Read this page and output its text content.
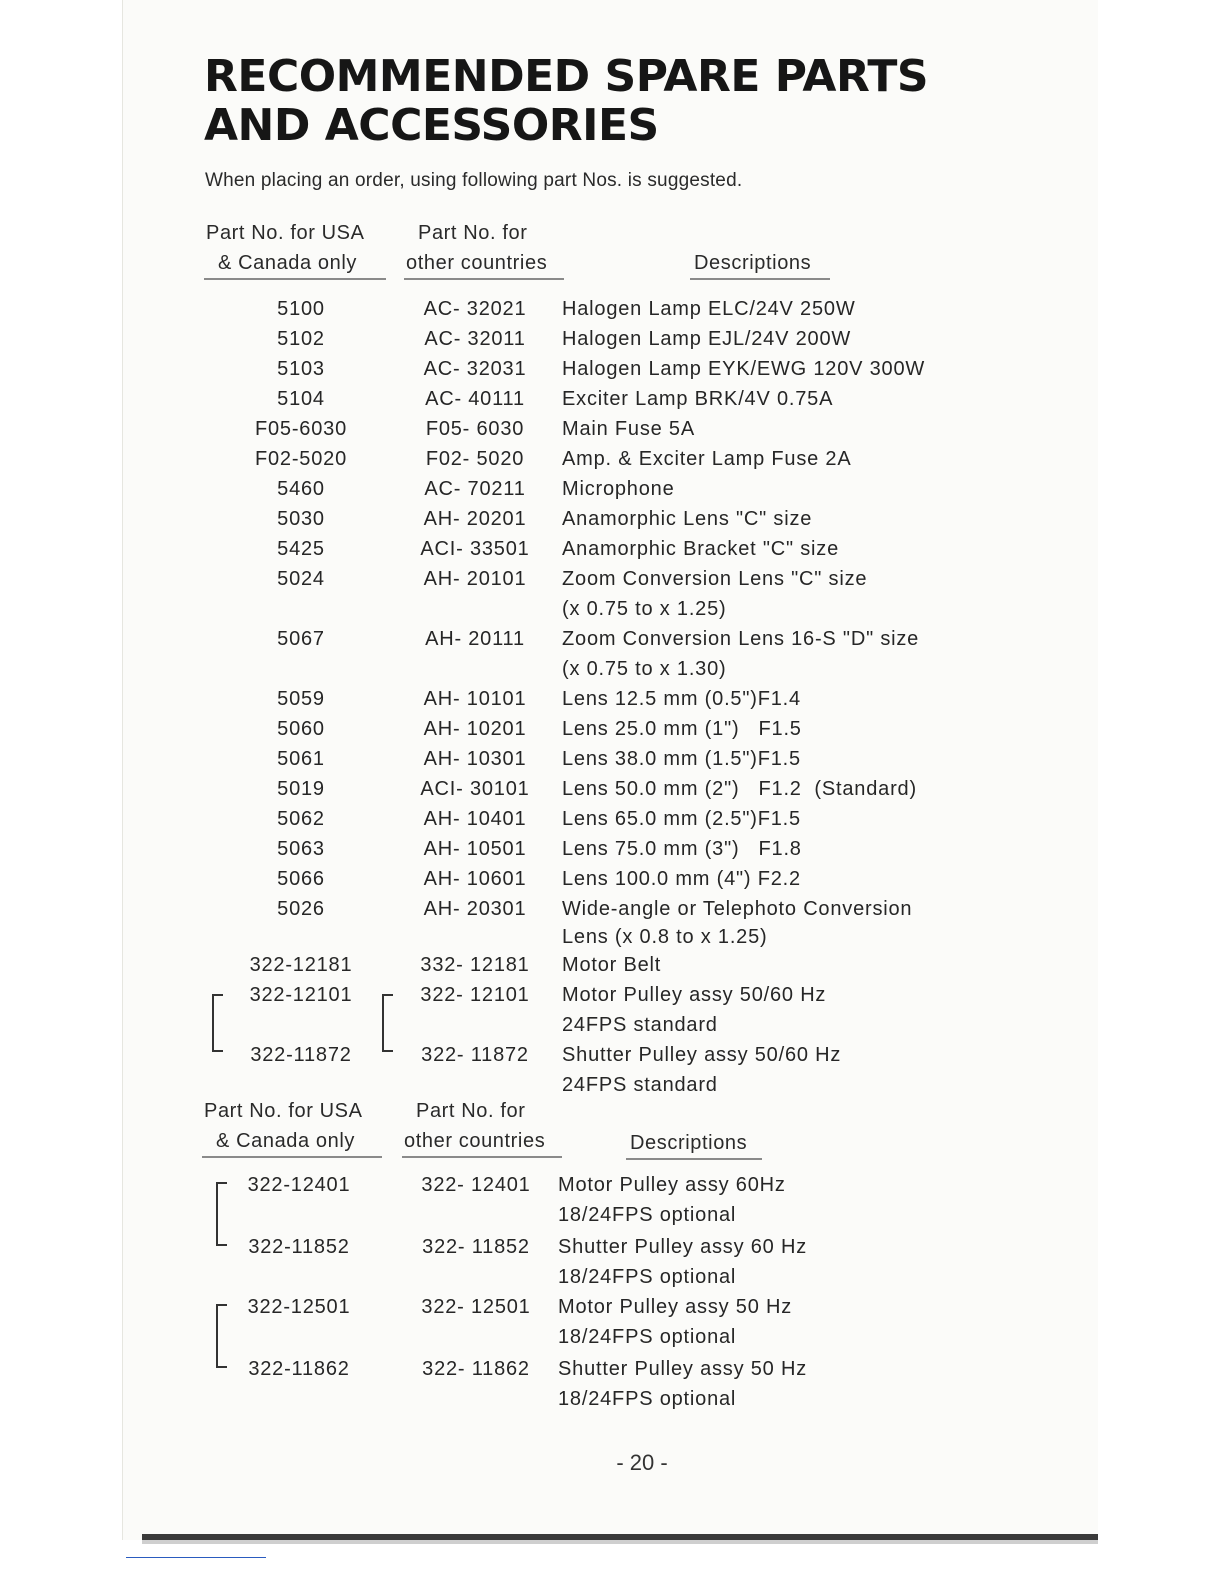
RECOMMENDED SPARE PARTS AND ACCESSORIES
When placing an order, using following part Nos. is suggested.
Part No. for USA
& Canada only
Part No. for
other countries	Descriptions
5100	AC- 32021	Halogen Lamp ELC/24V 250W
5102	AC- 32011	Halogen Lamp EJL/24V 200W
5103	AC- 32031	Halogen Lamp EYK/EWG 120V 300W
5104	AC- 40111	Exciter Lamp BRK/4V 0.75A
F05-6030	F05- 6030	Main Fuse 5A
F02-5020	F02- 5020	Amp. & Exciter Lamp Fuse 2A
5460	AC- 70211	Microphone
5030	AH- 20201	Anamorphic Lens "C" size
5425	ACI- 33501	Anamorphic Bracket "C" size
5024	AH- 20101	Zoom Conversion Lens "C" size
(x 0.75 to x 1.25)
5067	AH- 20111	Zoom Conversion Lens 16-S "D" size
(x 0.75 to x 1.30)
5059	AH- 10101	Lens 12.5 mm (0.5")F1.4
5060	AH- 10201	Lens 25.0 mm (1")   F1.5
5061	AH- 10301	Lens 38.0 mm (1.5")F1.5
5019	ACI- 30101	Lens 50.0 mm (2")   F1.2  (Standard)
5062	AH- 10401	Lens 65.0 mm (2.5")F1.5
5063	AH- 10501	Lens 75.0 mm (3")   F1.8
5066	AH- 10601	Lens 100.0 mm (4") F2.2
5026	AH- 20301	Wide-angle or Telephoto Conversion
Lens (x 0.8 to x 1.25)
322-12181	332- 12181	Motor Belt
322-12101	322- 12101	Motor Pulley assy 50/60 Hz
24FPS standard
322-11872	322- 11872	Shutter Pulley assy 50/60 Hz
24FPS standard
Part No. for USA
& Canada only
Part No. for
other countries	Descriptions
322-12401	322- 12401	Motor Pulley assy 60Hz
18/24FPS optional
322-11852	322- 11852	Shutter Pulley assy 60 Hz
18/24FPS optional
322-12501	322- 12501	Motor Pulley assy 50 Hz
18/24FPS optional
322-11862	322- 11862	Shutter Pulley assy 50 Hz
18/24FPS optional
- 20 -
